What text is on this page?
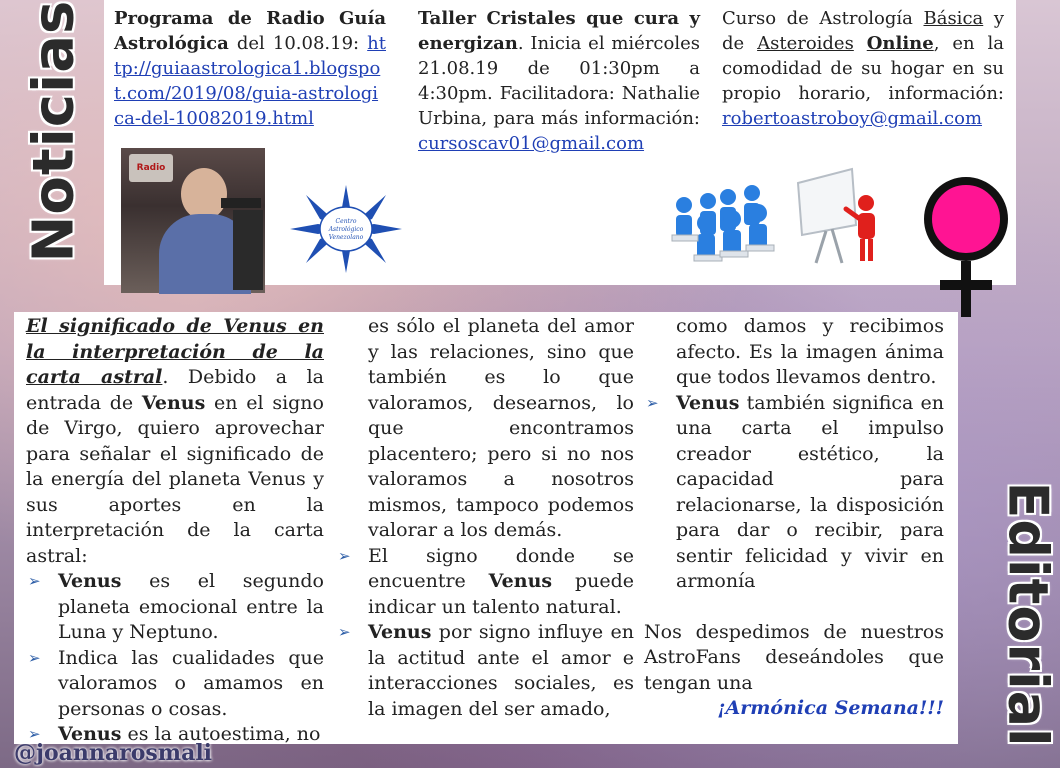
Noticias Programa de Radio Guía Astrológica del 10.08.19: http://guiaastrologica1.blogspot.com/2019/08/guia-astrologica-del-10082019.html
Radio
Centro
Astrológico
Venezolano
Taller Cristales que cura y energizan. Inicia el miércoles 21.08.19 de 01:30pm a 4:30pm. Facilitadora: Nathalie Urbina, para más información: cursoscav01@gmail.com
Curso de Astrología Básica y de Asteroides Online, en la comodidad de su hogar en su propio horario, información: robertoastroboy@gmail.com
El significado de Venus en la interpretación de la carta astral. Debido a la entrada de Venus en el signo de Virgo, quiero aprovechar para señalar el significado de la energía del planeta Venus y sus aportes en la interpretación de la carta astral:
➢ Venus es el segundo planeta emocional entre la Luna y Neptuno.
➢ Indica las cualidades que valoramos o amamos en personas o cosas.
➢ Venus es la autoestima, no
es sólo el planeta del amor y las relaciones, sino que también es lo que valoramos, desearnos, lo que encontramos placentero; pero si no nos valoramos a nosotros mismos, tampoco podemos valorar a los demás.
➢ El signo donde se encuentre Venus puede indicar un talento natural.
➢ Venus por signo influye en la actitud ante el amor e interacciones sociales, es la imagen del ser amado,
como damos y recibimos afecto. Es la imagen ánima que todos llevamos dentro.
➢ Venus también significa en una carta el impulso creador estético, la capacidad para relacionarse, la disposición para dar o recibir, para sentir felicidad y vivir en armonía
Nos despedimos de nuestros AstroFans deseándoles que tengan una
¡Armónica Semana!!! Editorial
@joannarosmali
